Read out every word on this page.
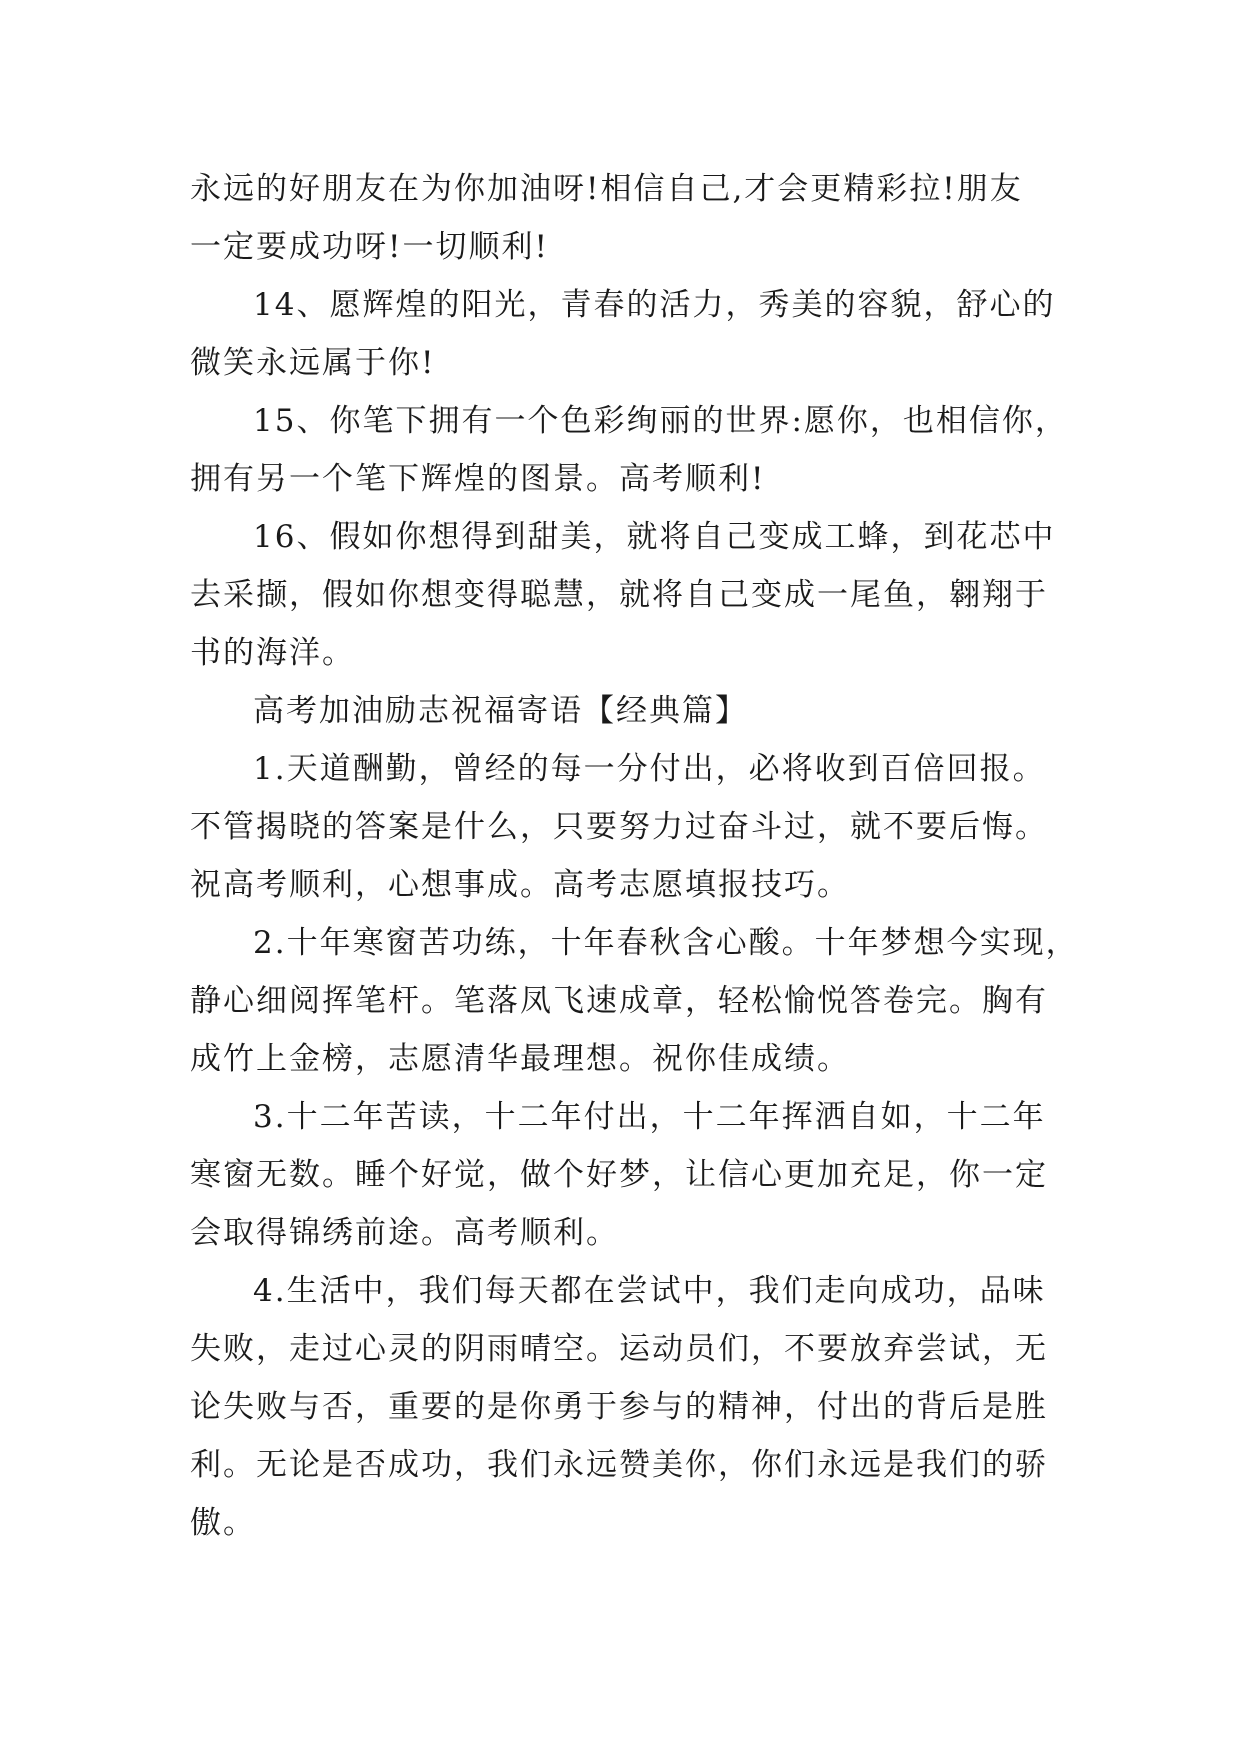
永远的好朋友在为你加油呀!相信自己,才会更精彩拉!朋友
一定要成功呀!一切顺利!
14、愿辉煌的阳光，青春的活力，秀美的容貌，舒心的
微笑永远属于你!
15、你笔下拥有一个色彩绚丽的世界:愿你，也相信你，
拥有另一个笔下辉煌的图景。高考顺利!
16、假如你想得到甜美，就将自己变成工蜂，到花芯中
去采撷，假如你想变得聪慧，就将自己变成一尾鱼，翱翔于
书的海洋。
高考加油励志祝福寄语【经典篇】
1.天道酬勤，曾经的每一分付出，必将收到百倍回报。
不管揭晓的答案是什么，只要努力过奋斗过，就不要后悔。
祝高考顺利，心想事成。高考志愿填报技巧。
2.十年寒窗苦功练，十年春秋含心酸。十年梦想今实现，
静心细阅挥笔杆。笔落凤飞速成章，轻松愉悦答卷完。胸有
成竹上金榜，志愿清华最理想。祝你佳成绩。
3.十二年苦读，十二年付出，十二年挥洒自如，十二年
寒窗无数。睡个好觉，做个好梦，让信心更加充足，你一定
会取得锦绣前途。高考顺利。
4.生活中，我们每天都在尝试中，我们走向成功，品味
失败，走过心灵的阴雨晴空。运动员们，不要放弃尝试，无
论失败与否，重要的是你勇于参与的精神，付出的背后是胜
利。无论是否成功，我们永远赞美你，你们永远是我们的骄
傲。
